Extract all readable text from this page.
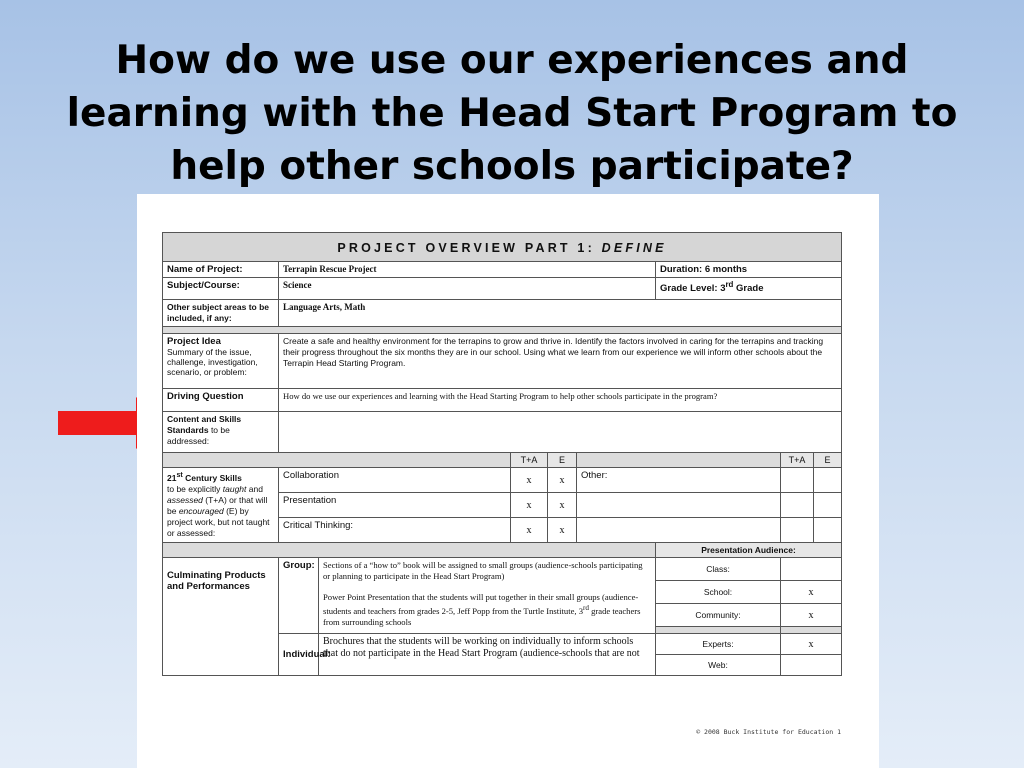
How do we use our experiences and
learning with the Head Start Program to
help other schools participate?
PROJECT OVERVIEW PART 1: DEFINE								
Name of Project:	Terrapin Rescue Project					Duration: 6 months		
Subject/Course:	Science					Grade Level: 3rd Grade		
Other subject areas to be included, if any:	Language Arts, Math							

Project Idea
Summary of the issue, challenge, investigation, scenario, or problem:	Create a safe and healthy environment for the terrapins to grow and thrive in. Identify the factors involved in caring for the terrapins and tracking their progress throughout the six months they are in our school. Using what we learn from our experience we will inform other schools about the Terrapin Head Starting Program.							
Driving Question	How do we use our experiences and learning with the Head Starting Program to help other schools participate in the program?							
Content and Skills
Standards to be addressed:								
			T+A	E			T+A	E
21st Century Skills
to be explicitly taught and assessed (T+A) or that will be encouraged (E) by project work, but not taught or assessed:	Collaboration		x	x	Other:			
	Presentation		x	x				
	Critical Thinking:		x	x				
						Presentation Audience:		
Culminating Products and Performances	Group:	Sections of a “how to” book will be assigned to small groups (audience-schools participating or planning to participate in the Head Start Program)
Power Point Presentation that the students will put together in their small groups (audience-students and teachers from grades 2-5, Jeff Popp from the Turtle Institute, 3rd grade teachers from surrounding schools				Class:		
						School:	x	
						Community:	x	

	Individual:	Brochures that the students will be working on individually to inform schools that do not participate in the Head Start Program (audience-schools that are not				Experts:	x	
						Web:		
© 2008 Buck Institute for Education 1
